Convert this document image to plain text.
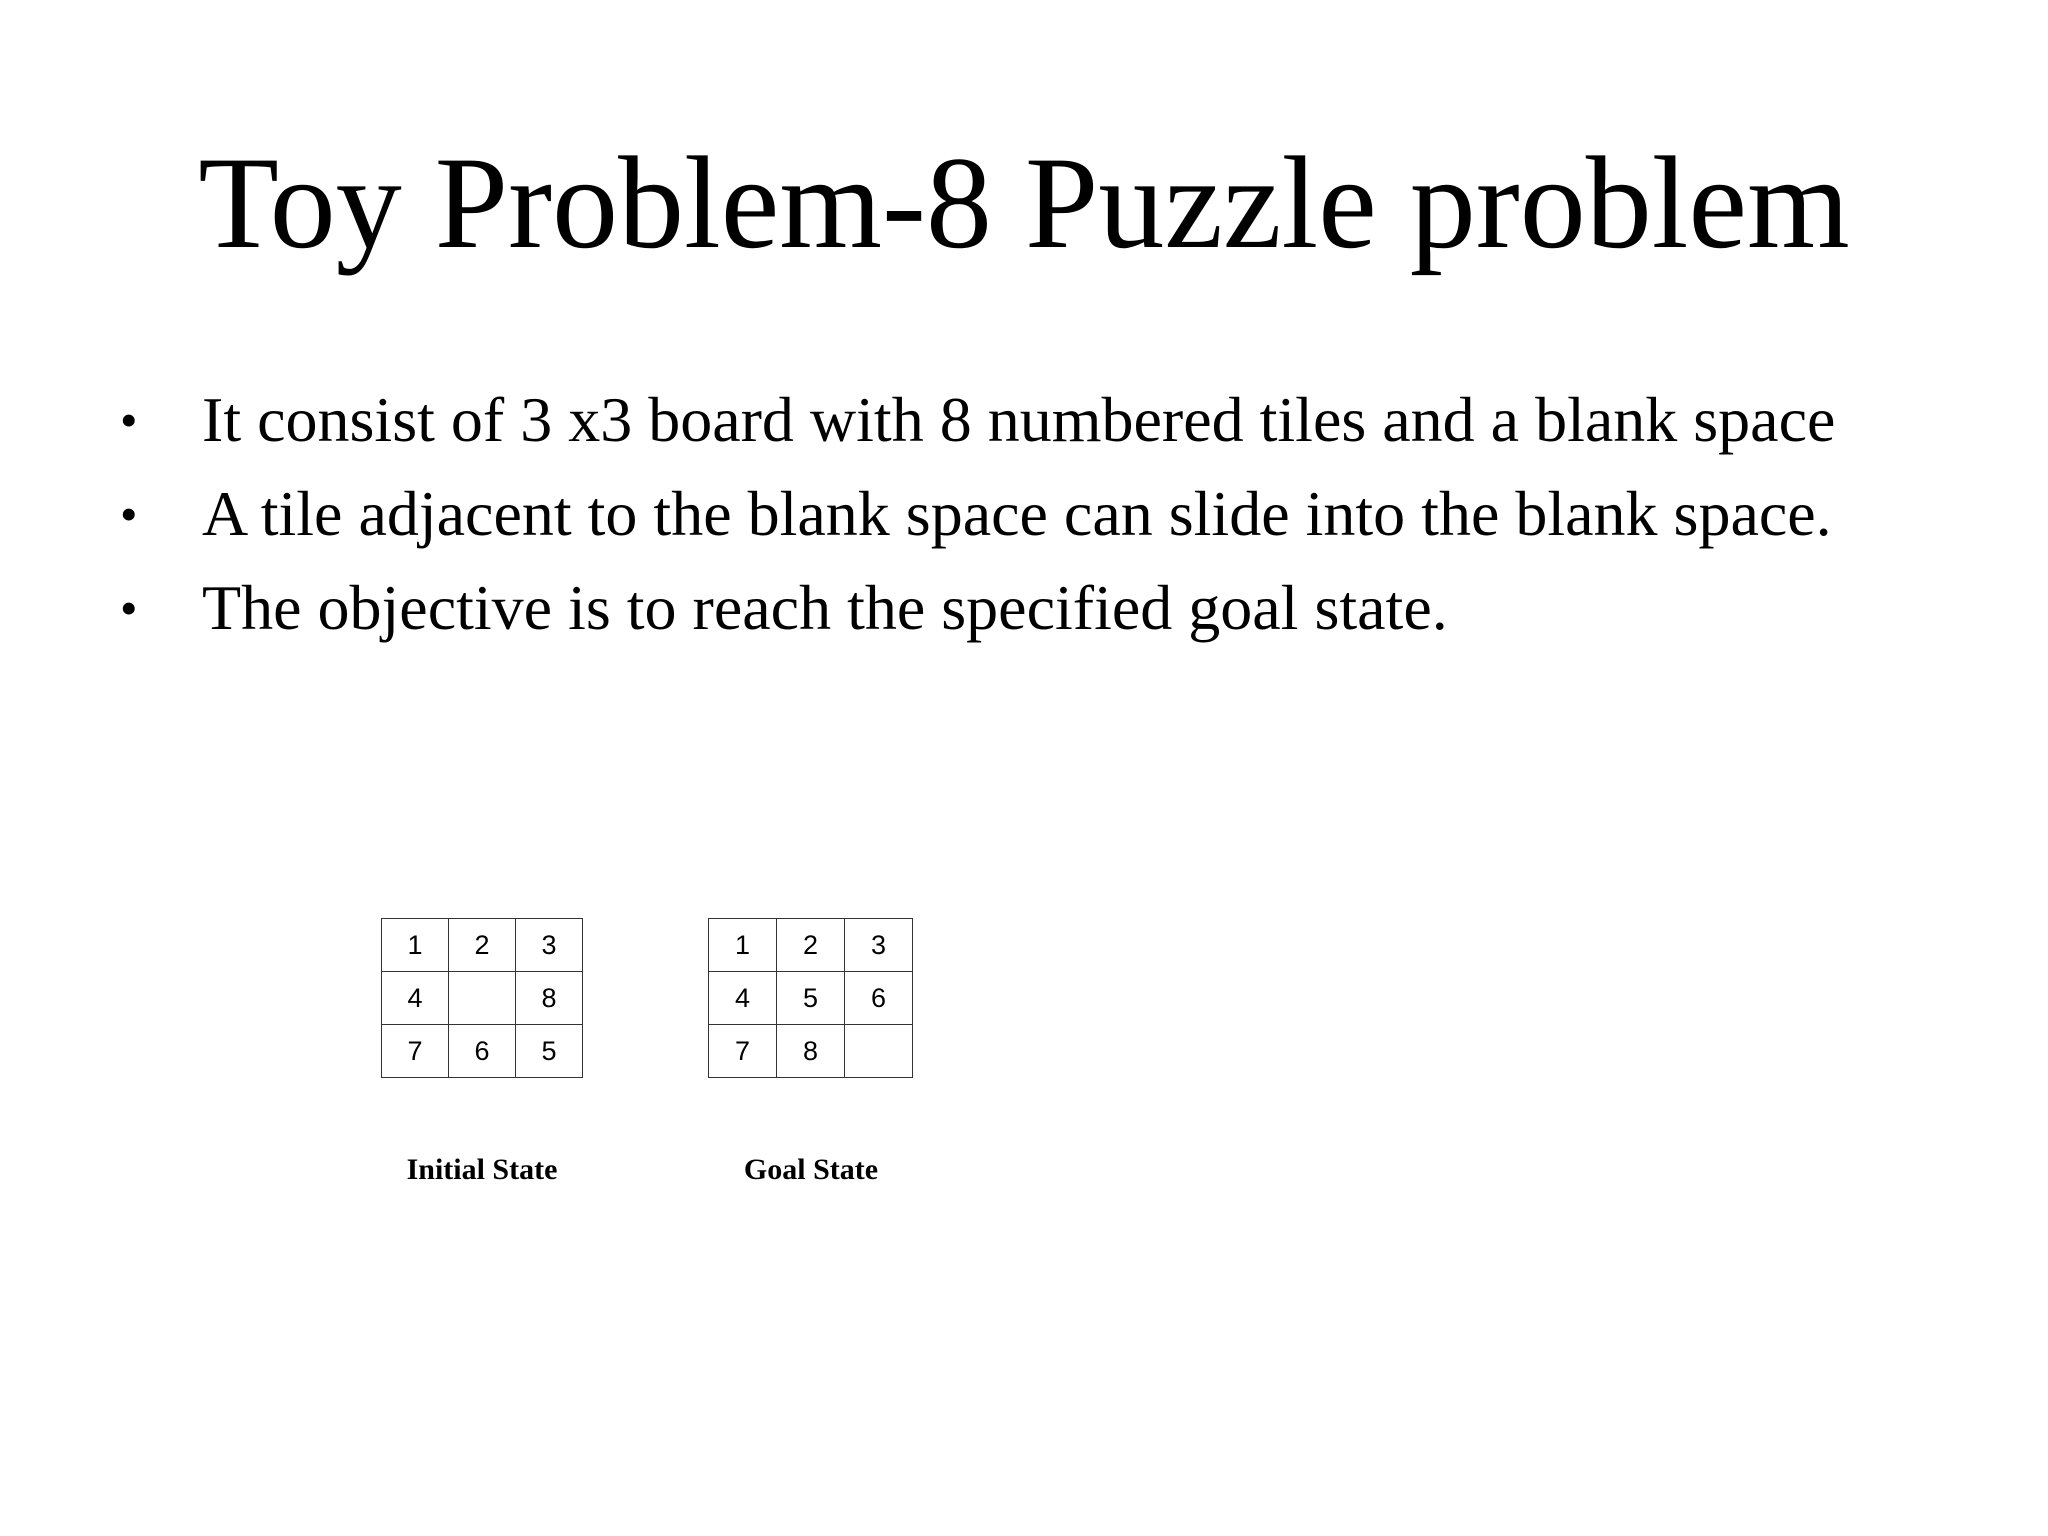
Toy Problem-8 Puzzle problem
•	It consist of 3 x3 board with 8 numbered tiles and a blank space
•	A tile adjacent to the blank space can slide into the blank space.
•	The objective is to reach the specified goal state.
1	2	3
4		8
7	6	5
1	2	3
4	5	6
7	8	
Initial State	Goal State
